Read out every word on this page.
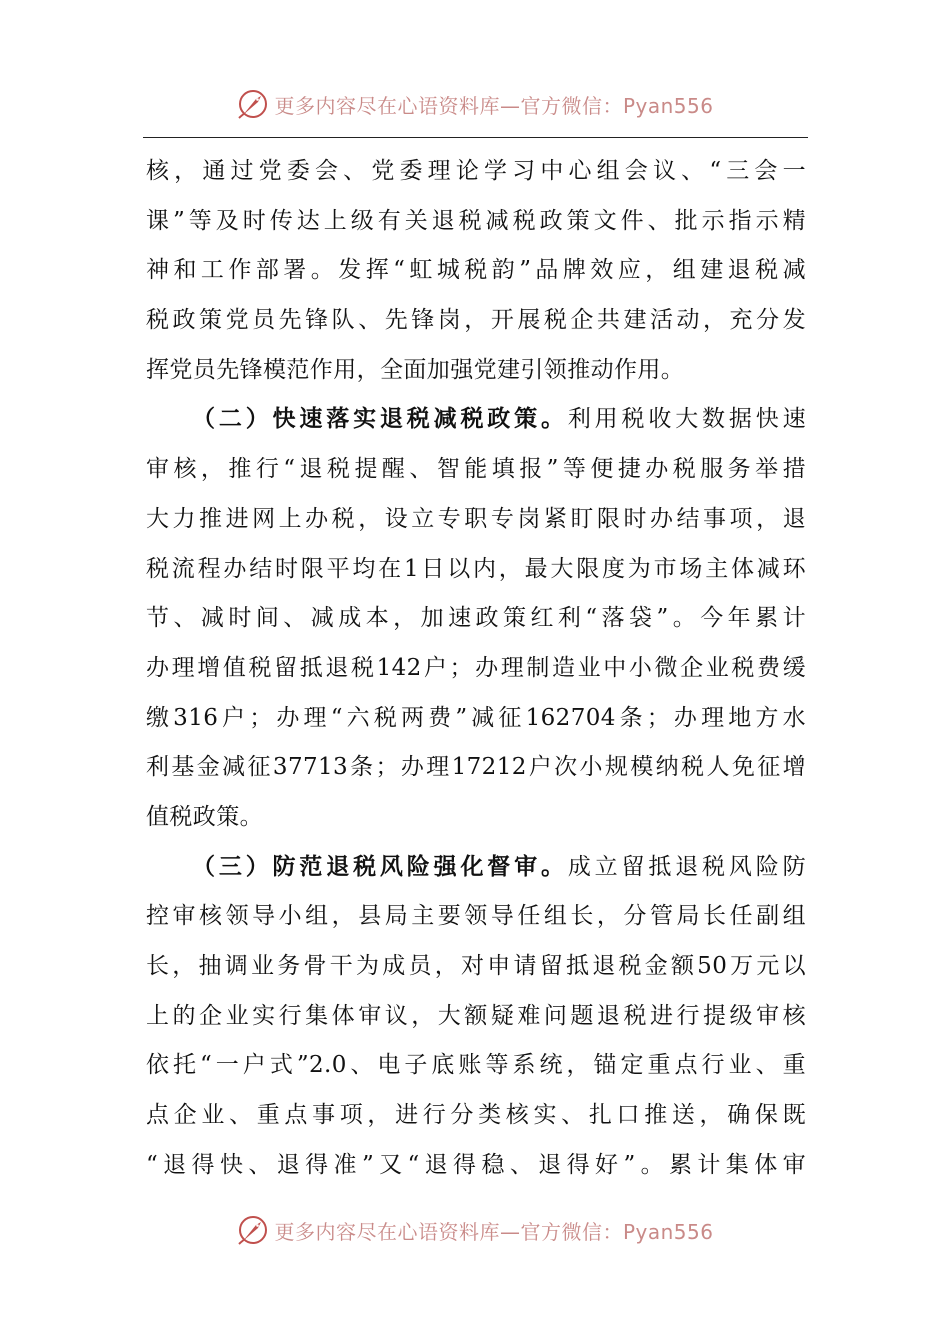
更多内容尽在心语资料库—官方微信：Pyan556
核，通过党委会、党委理论学习中心组会议、“三会一
课”等及时传达上级有关退税减税政策文件、批示指示精
神和工作部署。发挥“虹城税韵”品牌效应，组建退税减
税政策党员先锋队、先锋岗，开展税企共建活动，充分发
挥党员先锋模范作用，全面加强党建引领推动作用。
（二）快速落实退税减税政策。利用税收大数据快速
审核，推行“退税提醒、智能填报”等便捷办税服务举措
大力推进网上办税，设立专职专岗紧盯限时办结事项，退
税流程办结时限平均在1日以内，最大限度为市场主体减环
节、减时间、减成本，加速政策红利“落袋”。今年累计
办理增值税留抵退税142户；办理制造业中小微企业税费缓
缴316户；办理“六税两费”减征162704条；办理地方水
利基金减征37713条；办理17212户次小规模纳税人免征增
值税政策。
（三）防范退税风险强化督审。成立留抵退税风险防
控审核领导小组，县局主要领导任组长，分管局长任副组
长，抽调业务骨干为成员，对申请留抵退税金额50万元以
上的企业实行集体审议，大额疑难问题退税进行提级审核
依托“一户式”2.0、电子底账等系统，锚定重点行业、重
点企业、重点事项，进行分类核实、扎口推送，确保既
“退得快、退得准”又“退得稳、退得好”。累计集体审
更多内容尽在心语资料库—官方微信：Pyan556
